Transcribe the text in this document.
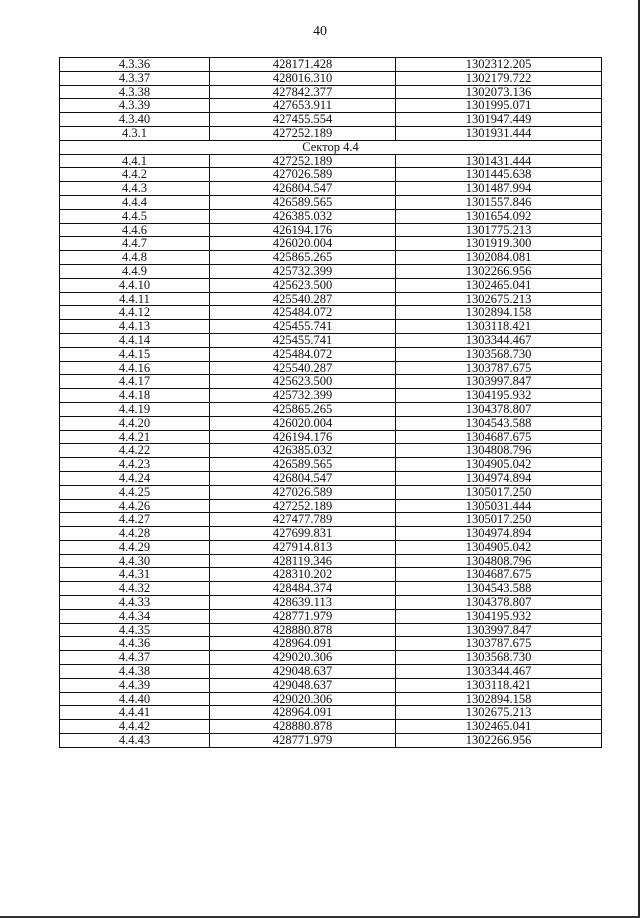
40
4.3.36	428171.428	1302312.205
4.3.37	428016.310	1302179.722
4.3.38	427842.377	1302073.136
4.3.39	427653.911	1301995.071
4.3.40	427455.554	1301947.449
4.3.1	427252.189	1301931.444
Сектор 4.4		
4.4.1	427252.189	1301431.444
4.4.2	427026.589	1301445.638
4.4.3	426804.547	1301487.994
4.4.4	426589.565	1301557.846
4.4.5	426385.032	1301654.092
4.4.6	426194.176	1301775.213
4.4.7	426020.004	1301919.300
4.4.8	425865.265	1302084.081
4.4.9	425732.399	1302266.956
4.4.10	425623.500	1302465.041
4.4.11	425540.287	1302675.213
4.4.12	425484.072	1302894.158
4.4.13	425455.741	1303118.421
4.4.14	425455.741	1303344.467
4.4.15	425484.072	1303568.730
4.4.16	425540.287	1303787.675
4.4.17	425623.500	1303997.847
4.4.18	425732.399	1304195.932
4.4.19	425865.265	1304378.807
4.4.20	426020.004	1304543.588
4.4.21	426194.176	1304687.675
4.4.22	426385.032	1304808.796
4.4.23	426589.565	1304905.042
4.4.24	426804.547	1304974.894
4.4.25	427026.589	1305017.250
4.4.26	427252.189	1305031.444
4.4.27	427477.789	1305017.250
4.4.28	427699.831	1304974.894
4.4.29	427914.813	1304905.042
4.4.30	428119.346	1304808.796
4.4.31	428310.202	1304687.675
4.4.32	428484.374	1304543.588
4.4.33	428639.113	1304378.807
4.4.34	428771.979	1304195.932
4.4.35	428880.878	1303997.847
4.4.36	428964.091	1303787.675
4.4.37	429020.306	1303568.730
4.4.38	429048.637	1303344.467
4.4.39	429048.637	1303118.421
4.4.40	429020.306	1302894.158
4.4.41	428964.091	1302675.213
4.4.42	428880.878	1302465.041
4.4.43	428771.979	1302266.956
